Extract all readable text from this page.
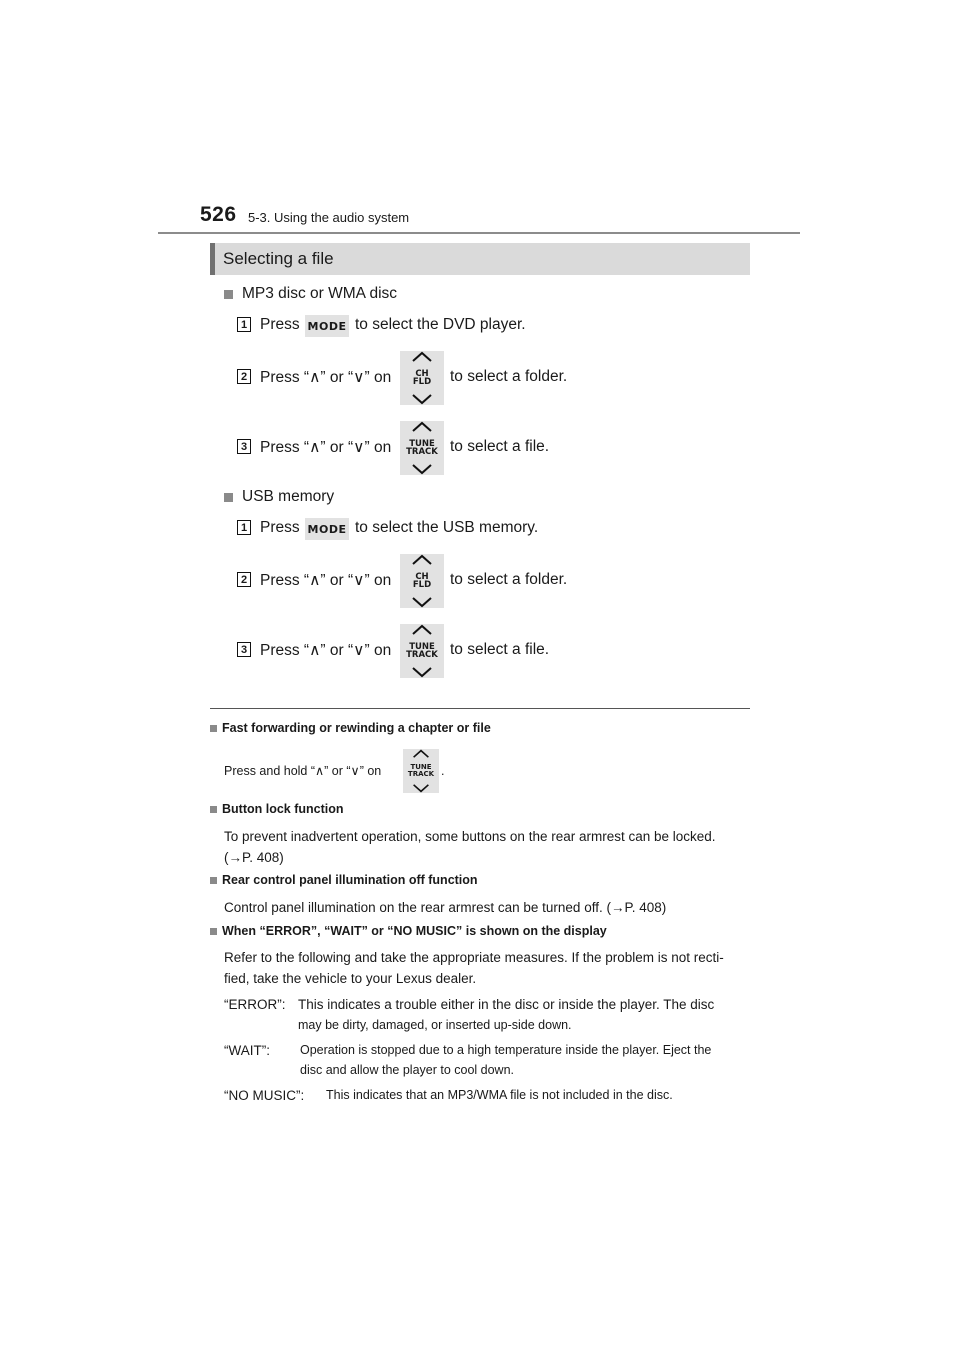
526 5-3. Using the audio system
Selecting a file
MP3 disc or WMA disc
1 Press MODE to select the DVD player.
2 Press “∧” or “∨” on	CH
FLD to select a folder.
3 Press “∧” or “∨” on	TUNE
TRACK to select a file.
USB memory
1 Press MODE to select the USB memory.
2 Press “∧” or “∨” on	CH
FLD to select a folder.
3 Press “∧” or “∨” on	TUNE
TRACK to select a file.
Fast forwarding or rewinding a chapter or file
Press and hold “∧” or “∨” on	TUNE
TRACK .
Button lock function
To prevent inadvertent operation, some buttons on the rear armrest can be locked.
(→P. 408)
Rear control panel illumination off function
Control panel illumination on the rear armrest can be turned off. (→P. 408)
When “ERROR”, “WAIT” or “NO MUSIC” is shown on the display
Refer to the following and take the appropriate measures. If the problem is not recti-
fied, take the vehicle to your Lexus dealer.
“ERROR”: This indicates a trouble either in the disc or inside the player. The disc
may be dirty, damaged, or inserted up-side down.
“WAIT”: Operation is stopped due to a high temperature inside the player. Eject the
disc and allow the player to cool down.
“NO MUSIC”: This indicates that an MP3/WMA file is not included in the disc.
